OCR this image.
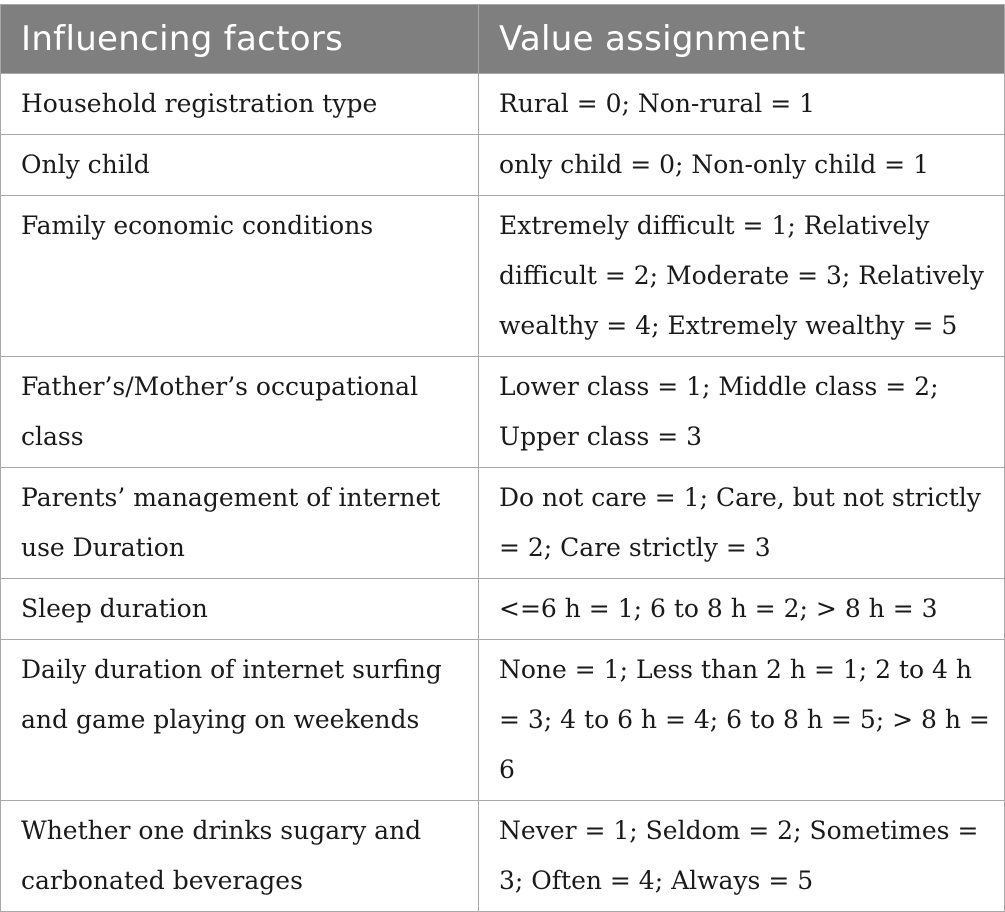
Influencing factors	Value assignment
Household registration type	Rural = 0; Non-rural = 1
Only child	only child = 0; Non-only child = 1
Family economic conditions	Extremely difficult = 1; Relatively difficult = 2; Moderate = 3; Relatively wealthy = 4; Extremely wealthy = 5
Father’s/Mother’s occupational class	Lower class = 1; Middle class = 2; Upper class = 3
Parents’ management of internet use Duration	Do not care = 1; Care, but not strictly = 2; Care strictly = 3
Sleep duration	<=6 h = 1; 6 to 8 h = 2; > 8 h = 3
Daily duration of internet surfing and game playing on weekends	None = 1; Less than 2 h = 1; 2 to 4 h = 3; 4 to 6 h = 4; 6 to 8 h = 5; > 8 h = 6
Whether one drinks sugary and carbonated beverages	Never = 1; Seldom = 2; Sometimes = 3; Often = 4; Always = 5
